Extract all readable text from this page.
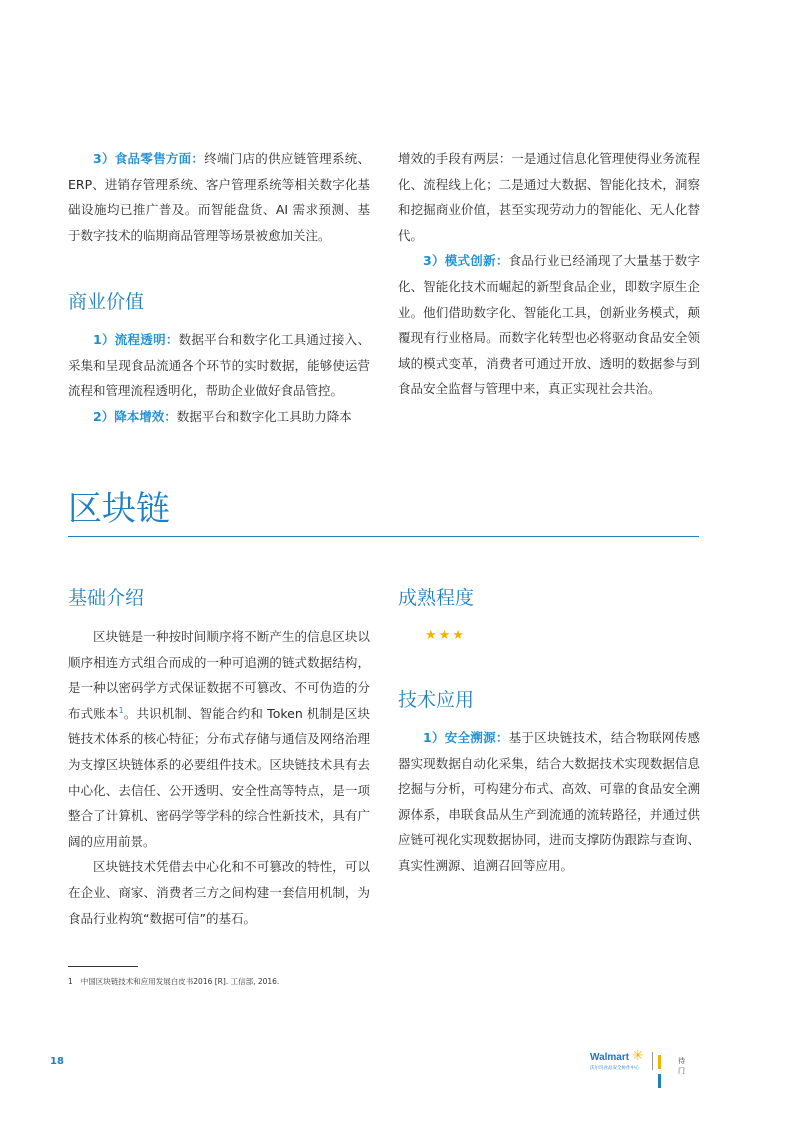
3）食品零售方面：终端门店的供应链管理系统、ERP、进销存管理系统、客户管理系统等相关数字化基础设施均已推广普及。而智能盘货、AI 需求预测、基于数字技术的临期商品管理等场景被愈加关注。

商业价值

1）流程透明：数据平台和数字化工具通过接入、采集和呈现食品流通各个环节的实时数据，能够使运营流程和管理流程透明化，帮助企业做好食品管控。

2）降本增效：数据平台和数字化工具助力降本

增效的手段有两层：一是通过信息化管理使得业务流程化、流程线上化；二是通过大数据、智能化技术，洞察和挖掘商业价值，甚至实现劳动力的智能化、无人化替代。

3）模式创新：食品行业已经涌现了大量基于数字化、智能化技术而崛起的新型食品企业，即数字原生企业。他们借助数字化、智能化工具，创新业务模式，颠覆现有行业格局。而数字化转型也必将驱动食品安全领域的模式变革，消费者可通过开放、透明的数据参与到食品安全监督与管理中来，真正实现社会共治。

区块链
基础介绍

区块链是一种按时间顺序将不断产生的信息区块以顺序相连方式组合而成的一种可追溯的链式数据结构，是一种以密码学方式保证数据不可篡改、不可伪造的分布式账本$^1$。共识机制、智能合约和 Token 机制是区块链技术体系的核心特征；分布式存储与通信及网络治理为支撑区块链体系的必要组件技术。区块链技术具有去中心化、去信任、公开透明、安全性高等特点，是一项整合了计算机、密码学等学科的综合性新技术，具有广阔的应用前景。

区块链技术凭借去中心化和不可篡改的特性，可以在企业、商家、消费者三方之间构建一套信用机制，为食品行业构筑“数据可信”的基石。

成熟程度
★★★
技术应用

1）安全溯源：基于区块链技术，结合物联网传感器实现数据自动化采集，结合大数据技术实现数据信息挖掘与分析，可构建分布式、高效、可靠的食品安全溯源体系，串联食品从生产到流通的流转路径，并通过供应链可视化实现数据协同，进而支撑防伪跟踪与查询、真实性溯源、追溯召回等应用。

1 中国区块链技术和应用发展白皮书2016 [R]. 工信部, 2016.
18	Walmart
沃尔玛食品安全协作中心
✳	待门
